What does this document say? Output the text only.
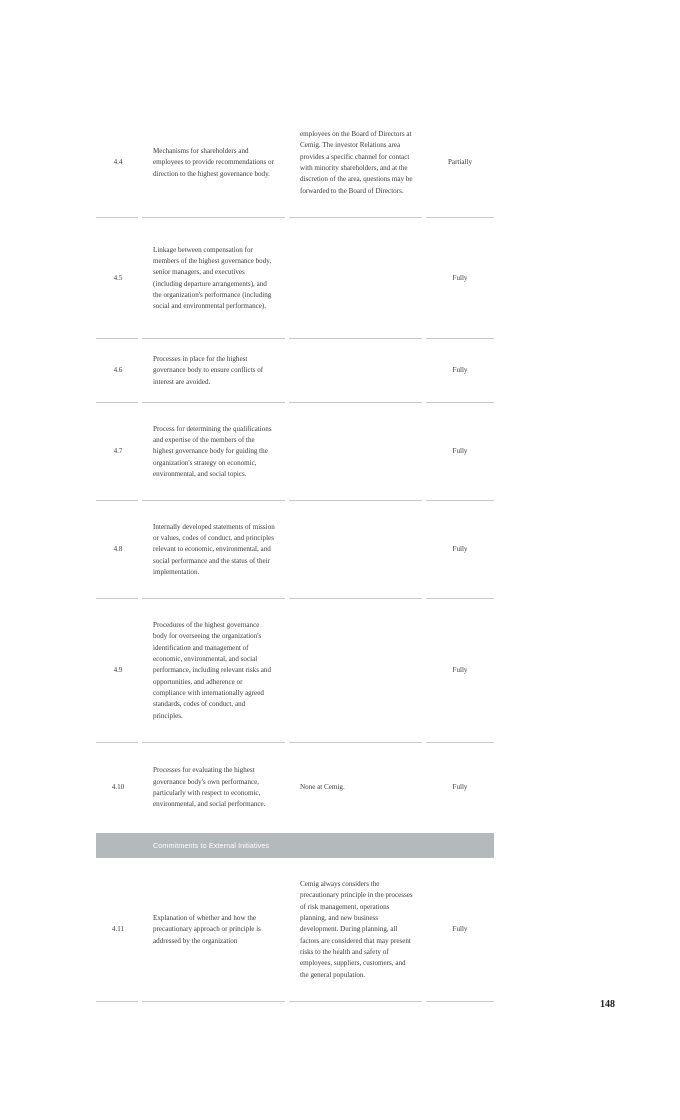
4.4
Mechanisms for shareholders and employees to provide recommendations or direction to the highest governance body.
employees on the Board of Directors at Cemig. The investor Relations area provides a specific channel for contact with minority shareholders, and at the discretion of the area, questions may be forwarded to the Board of Directors.
Partially
4.5
Linkage between compensation for members of the highest governance body, senior managers, and executives (including departure arrangements), and the organization's performance (including social and environmental performance).
Fully
4.6
Processes in place for the highest governance body to ensure conflicts of interest are avoided.
Fully
4.7
Process for determining the qualifications and expertise of the members of the highest governance body for guiding the organization's strategy on economic, environmental, and social topics.
Fully
4.8
Internally developed statements of mission or values, codes of conduct, and principles relevant to economic, environmental, and social performance and the status of their implementation.
Fully
4.9
Procedures of the highest governance body for overseeing the organization's identification and management of economic, environmental, and social performance, including relevant risks and opportunities, and adherence or compliance with internationally agreed standards, codes of conduct, and principles.
Fully
4.10
Processes for evaluating the highest governance body's own performance, particularly with respect to economic, environmental, and social performance.
None at Cemig.	Fully
Commitments to External Initiatives
4.11
Explanation of whether and how the precautionary approach or principle is addressed by the organization
Cemig always considers the precautionary principle in the processes of risk management, operations planning, and new business development. During planning, all factors are considered that may present risks to the health and safety of employees, suppliers, customers, and the general population.
Fully
148
